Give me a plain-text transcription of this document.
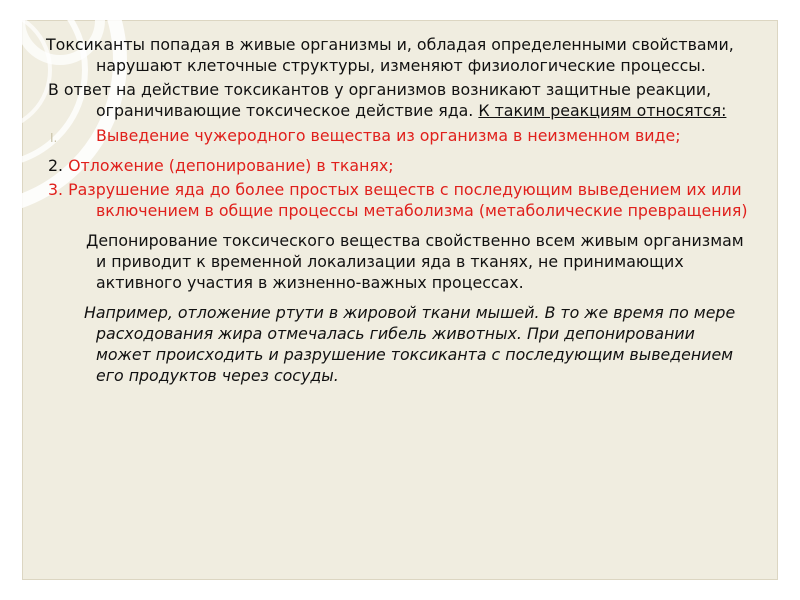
Токсиканты попадая в живые организмы и, обладая определенными свойствами, нарушают клеточные структуры, изменяют физиологические процессы.

В ответ на действие токсикантов у организмов возникают защитные реакции, ограничивающие токсическое действие яда. К таким реакциям относятся:

I. Выведение чужеродного вещества из организма в неизменном виде;

2. Отложение (депонирование) в тканях;

3. Разрушение яда до более простых веществ с последующим выведением их или включением в общие процессы метаболизма (метаболические превращения)

Депонирование токсического вещества свойственно всем живым организмам и приводит к временной локализации яда в тканях, не принимающих активного участия в жизненно-важных процессах.

Например, отложение ртути в жировой ткани мышей. В то же время по мере расходования жира отмечалась гибель животных. При депонировании может происходить и разрушение токсиканта с последующим выведением его продуктов через сосуды.
